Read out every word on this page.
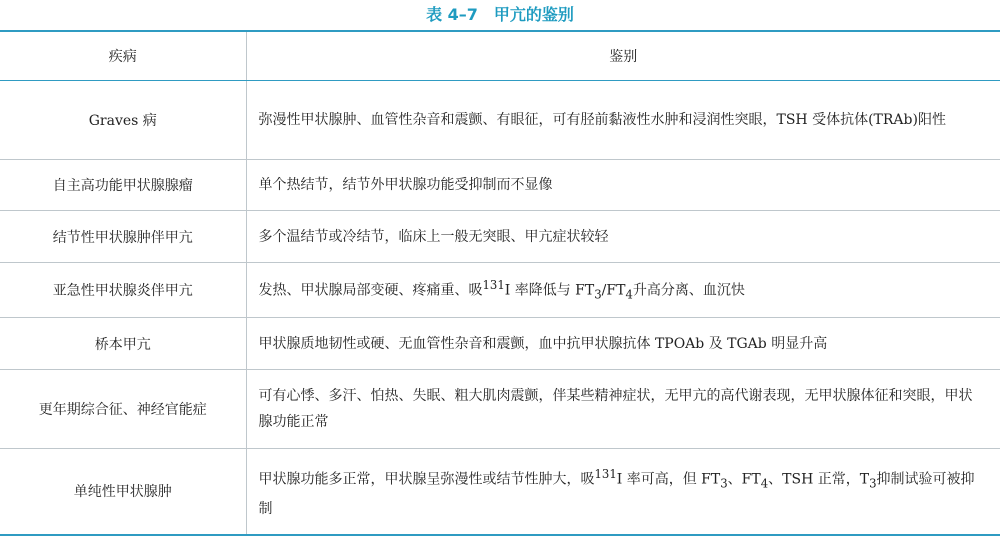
表 4–7　甲亢的鉴别
疾病	鉴别
Graves 病	弥漫性甲状腺肿、血管性杂音和震颤、有眼征，可有胫前黏液性水肿和浸润性突眼，TSH 受体抗体(TRAb)阳性
自主高功能甲状腺腺瘤	单个热结节，结节外甲状腺功能受抑制而不显像
结节性甲状腺肿伴甲亢	多个温结节或冷结节，临床上一般无突眼、甲亢症状较轻
亚急性甲状腺炎伴甲亢	发热、甲状腺局部变硬、疼痛重、吸$^{131}$I 率降低与 $FT_3/FT_4$升高分离、血沉快
桥本甲亢	甲状腺质地韧性或硬、无血管性杂音和震颤，血中抗甲状腺抗体 TPOAb 及 TGAb 明显升高
更年期综合征、神经官能症	可有心悸、多汗、怕热、失眠、粗大肌肉震颤，伴某些精神症状，无甲亢的高代谢表现，无甲状腺体征和突眼，甲状腺功能正常
单纯性甲状腺肿	甲状腺功能多正常，甲状腺呈弥漫性或结节性肿大，吸$^{131}$I 率可高，但 $FT_3$、$FT_4$、TSH 正常，$T_3$抑制试验可被抑制
